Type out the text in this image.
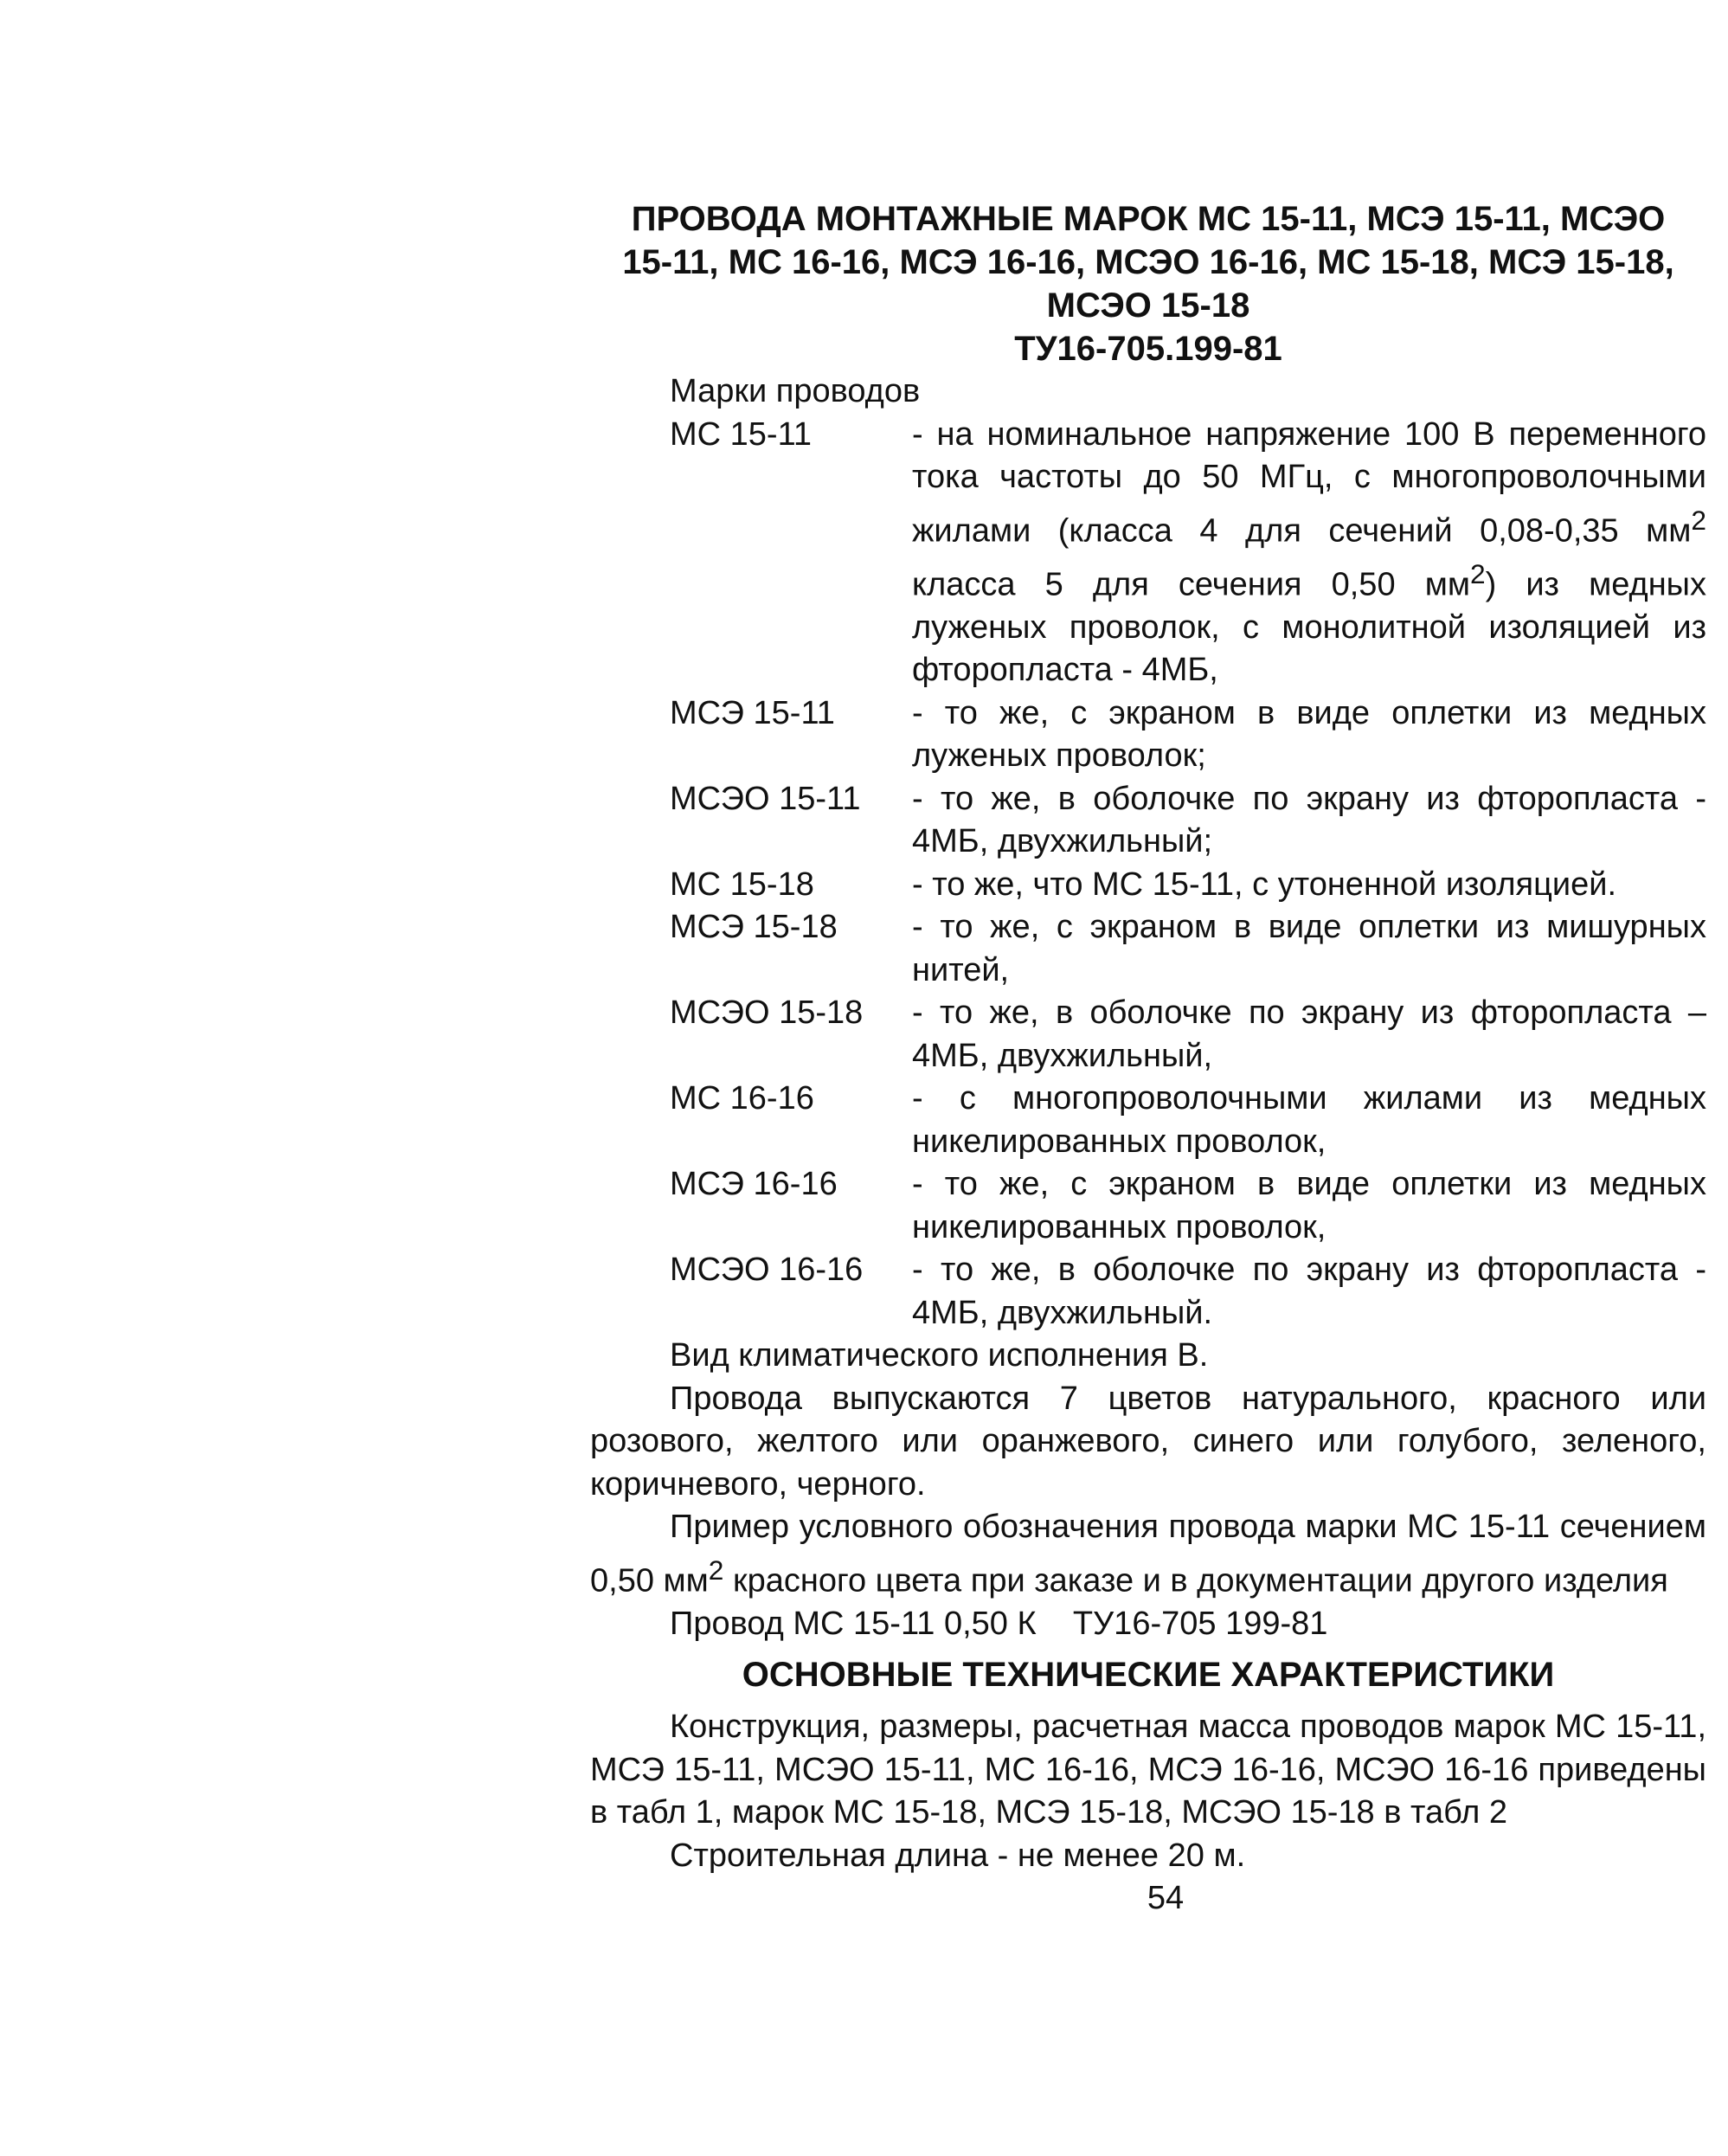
ПРОВОДА МОНТАЖНЫЕ МАРОК МС 15-11, МСЭ 15-11, МСЭО

15-11, МС 16-16, МСЭ 16-16, МСЭО 16-16, МС 15-18, МСЭ 15-18,

МСЭО 15-18

ТУ16-705.199-81

Марки проводов
МС 15-11	- на номинальное напряжение 100 В переменного тока частоты до 50 МГц, с многопроволочными жилами (класса 4 для сечений 0,08-0,35 $мм^2$ класса 5 для сечения 0,50 $мм^2$) из медных луженых проволок, с монолитной изоляцией из фторопласта - 4МБ,
МСЭ 15-11	- то же, с экраном в виде оплетки из медных луженых проволок;
МСЭО 15-11	- то же, в оболочке по экрану из фторопласта - 4МБ, двухжильный;
МС 15-18	- то же, что МС 15-11, с утоненной изоляцией.
МСЭ 15-18	- то же, с экраном в виде оплетки из мишурных нитей,
МСЭО 15-18	- то же, в оболочке по экрану из фторопласта – 4МБ, двухжильный,
МС 16-16	- с многопроволочными жилами из медных никелированных проволок,
МСЭ 16-16	- то же, с экраном в виде оплетки из медных никелированных проволок,
МСЭО 16-16	- то же, в оболочке по экрану из фторопласта - 4МБ, двухжильный.
Вид климатического исполнения В.
Провода выпускаются 7 цветов натурального, красного или розового, желтого или оранжевого, синего или голубого, зеленого, коричневого, черного.
Пример условного обозначения провода марки МС 15-11 сечением 0,50 $мм^2$ красного цвета при заказе и в документации другого изделия
Провод МС 15-11 0,50 К    ТУ16-705 199-81
ОСНОВНЫЕ ТЕХНИЧЕСКИЕ ХАРАКТЕРИСТИКИ
Конструкция, размеры, расчетная масса проводов марок МС 15-11, МСЭ 15-11, МСЭО 15-11, МС 16-16, МСЭ 16-16, МСЭО 16-16 приведены в табл 1, марок МС 15-18, МСЭ 15-18, МСЭО 15-18 в табл 2
Строительная длина - не менее 20 м.
54
